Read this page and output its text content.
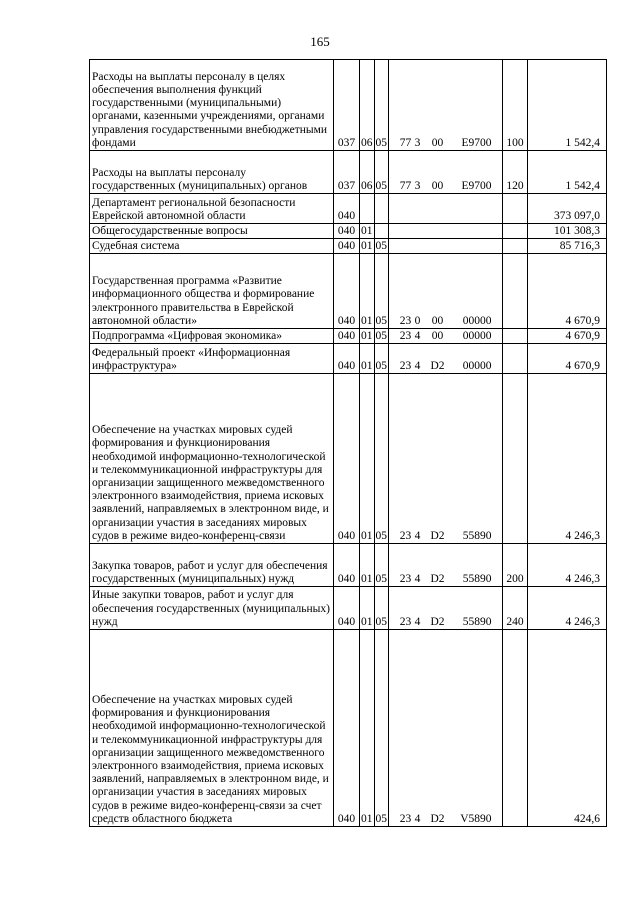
165
Расходы на выплаты персоналу в целях обеспечения выполнения функций государственными (муниципальными) органами, казенными учреждениями, органами управления государственными внебюджетными фондами	037	06	05	77 3 00 E9700	100	1 542,4
Расходы на выплаты персоналу государственных (муниципальных) органов	037	06	05	77 3 00 E9700	120	1 542,4
Департамент региональной безопасности Еврейской автономной области	040					373 097,0
Общегосударственные вопросы	040	01				101 308,3
Судебная система	040	01	05			85 716,3
Государственная программа «Развитие информационного общества и формирование электронного правительства в Еврейской автономной области»	040	01	05	23 0 00 00000		4 670,9
Подпрограмма «Цифровая экономика»	040	01	05	23 4 00 00000		4 670,9
Федеральный проект «Информационная инфраструктура»	040	01	05	23 4 D2 00000		4 670,9
Обеспечение на участках мировых судей формирования и функционирования необходимой информационно-технологической и телекоммуникационной инфраструктуры для организации защищенного межведомственного электронного взаимодействия, приема исковых заявлений, направляемых в электронном виде, и организации участия в заседаниях мировых судов в режиме видео-конференц-связи	040	01	05	23 4 D2 55890		4 246,3
Закупка товаров, работ и услуг для обеспечения государственных (муниципальных) нужд	040	01	05	23 4 D2 55890	200	4 246,3
Иные закупки товаров, работ и услуг для обеспечения государственных (муниципальных) нужд	040	01	05	23 4 D2 55890	240	4 246,3
Обеспечение на участках мировых судей формирования и функционирования необходимой информационно-технологической и телекоммуникационной инфраструктуры для организации защищенного межведомственного электронного взаимодействия, приема исковых заявлений, направляемых в электронном виде, и организации участия в заседаниях мировых судов в режиме видео-конференц-связи за счет средств областного бюджета	040	01	05	23 4 D2 V5890		424,6
